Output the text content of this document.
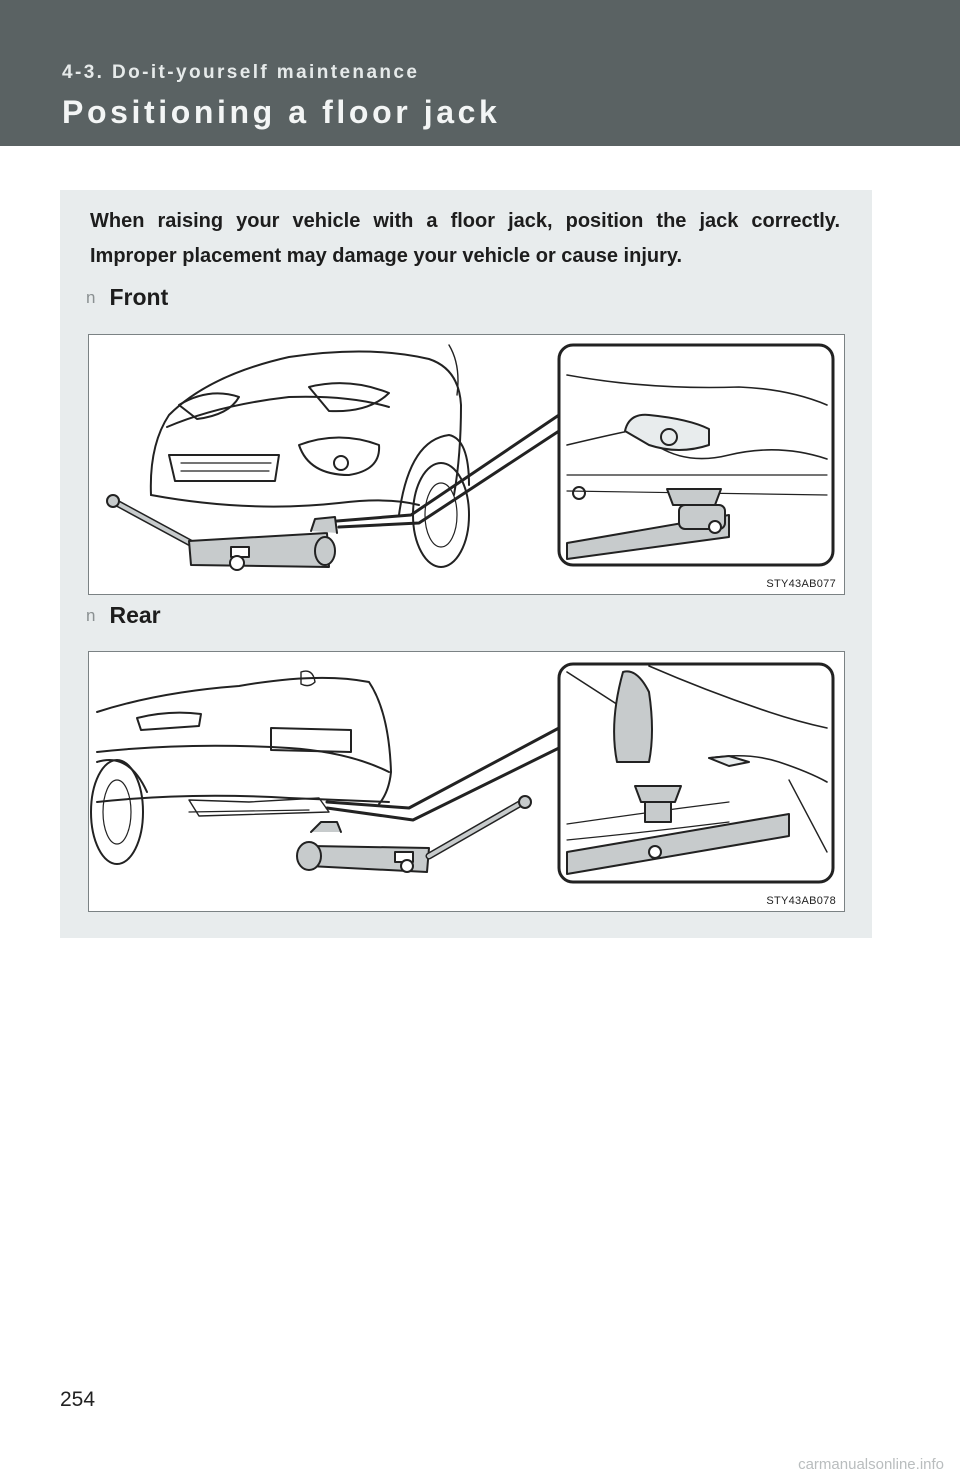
4-3. Do-it-yourself maintenance
Positioning a floor jack
When raising your vehicle with a floor jack, position the jack correctly. Improper placement may damage your vehicle or cause injury.
n Front
STY43AB077
n Rear
STY43AB078
254
carmanualsonline.info
